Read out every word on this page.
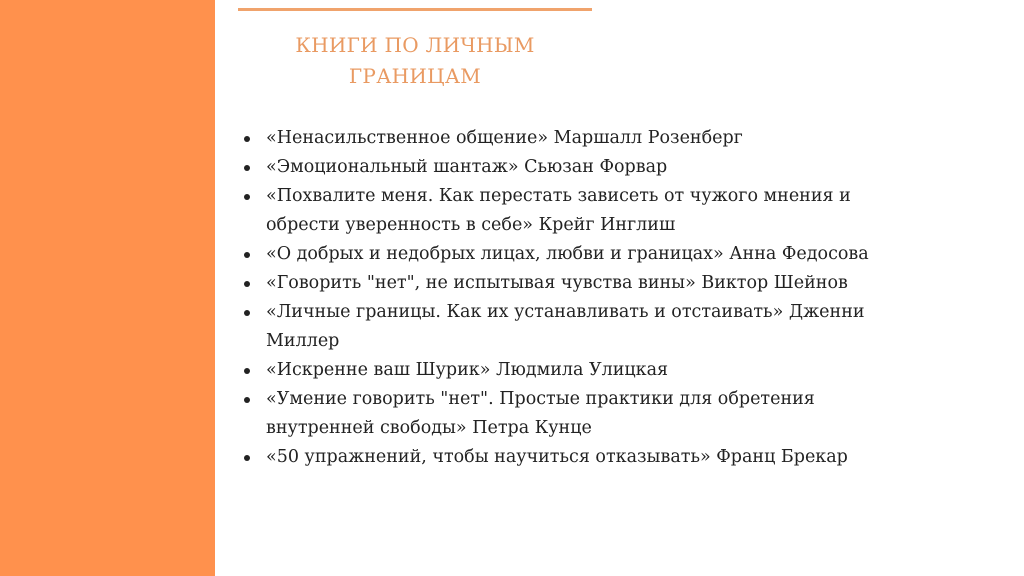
КНИГИ ПО ЛИЧНЫМ
ГРАНИЦАМ
«Ненасильственное общение» Маршалл Розенберг
«Эмоциональный шантаж» Сьюзан Форвар
«Похвалите меня. Как перестать зависеть от чужого мнения и обрести уверенность в себе» Крейг Инглиш
«О добрых и недобрых лицах, любви и границах» Анна Федосова
«Говорить "нет", не испытывая чувства вины» Виктор Шейнов
«Личные границы. Как их устанавливать и отстаивать» Дженни Миллер
«Искренне ваш Шурик» Людмила Улицкая
«Умение говорить "нет". Простые практики для обретения внутренней свободы» Петра Кунце
«50 упражнений, чтобы научиться отказывать» Франц Брекар
